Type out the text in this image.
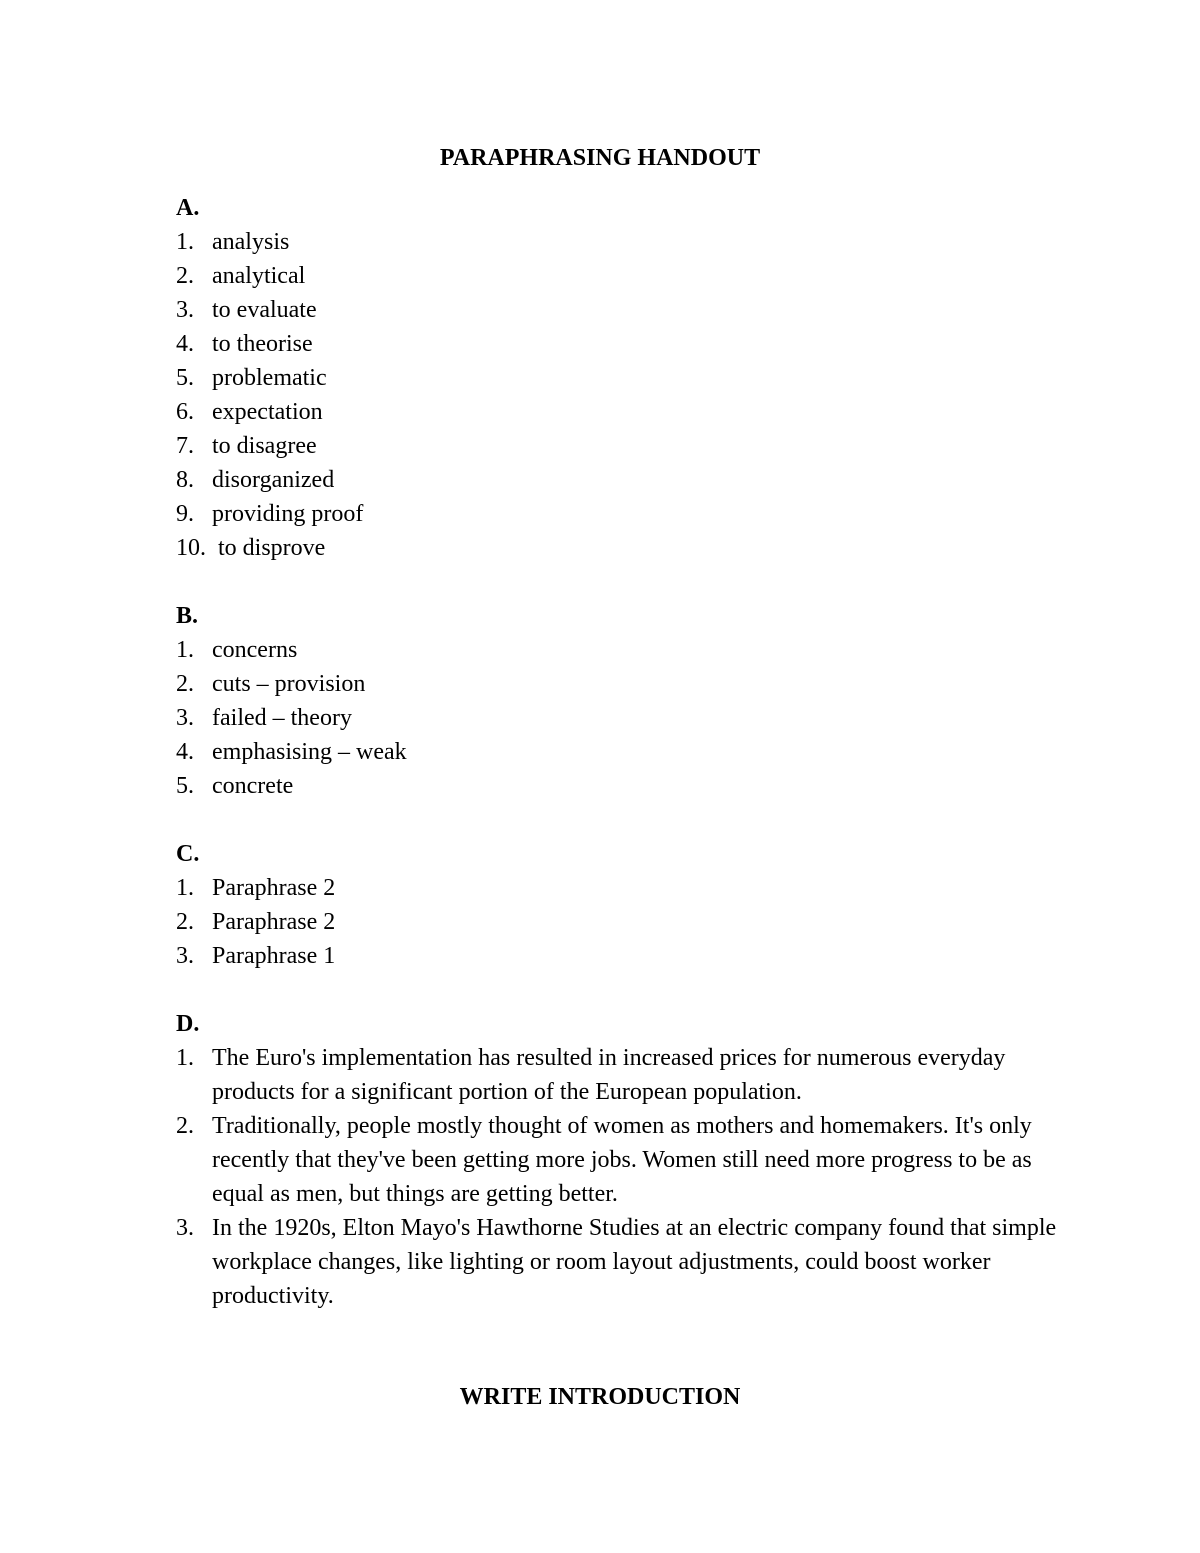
PARAPHRASING HANDOUT
A.
1. analysis
2. analytical
3. to evaluate
4. to theorise
5. problematic
6. expectation
7. to disagree
8. disorganized
9. providing proof
10. to disprove
B.
1. concerns
2. cuts – provision
3. failed – theory
4. emphasising – weak
5. concrete
C.
1. Paraphrase 2
2. Paraphrase 2
3. Paraphrase 1
D.
1. The Euro's implementation has resulted in increased prices for numerous everyday products for a significant portion of the European population.
2. Traditionally, people mostly thought of women as mothers and homemakers. It's only recently that they've been getting more jobs. Women still need more progress to be as equal as men, but things are getting better.
3. In the 1920s, Elton Mayo's Hawthorne Studies at an electric company found that simple workplace changes, like lighting or room layout adjustments, could boost worker productivity.
WRITE INTRODUCTION
